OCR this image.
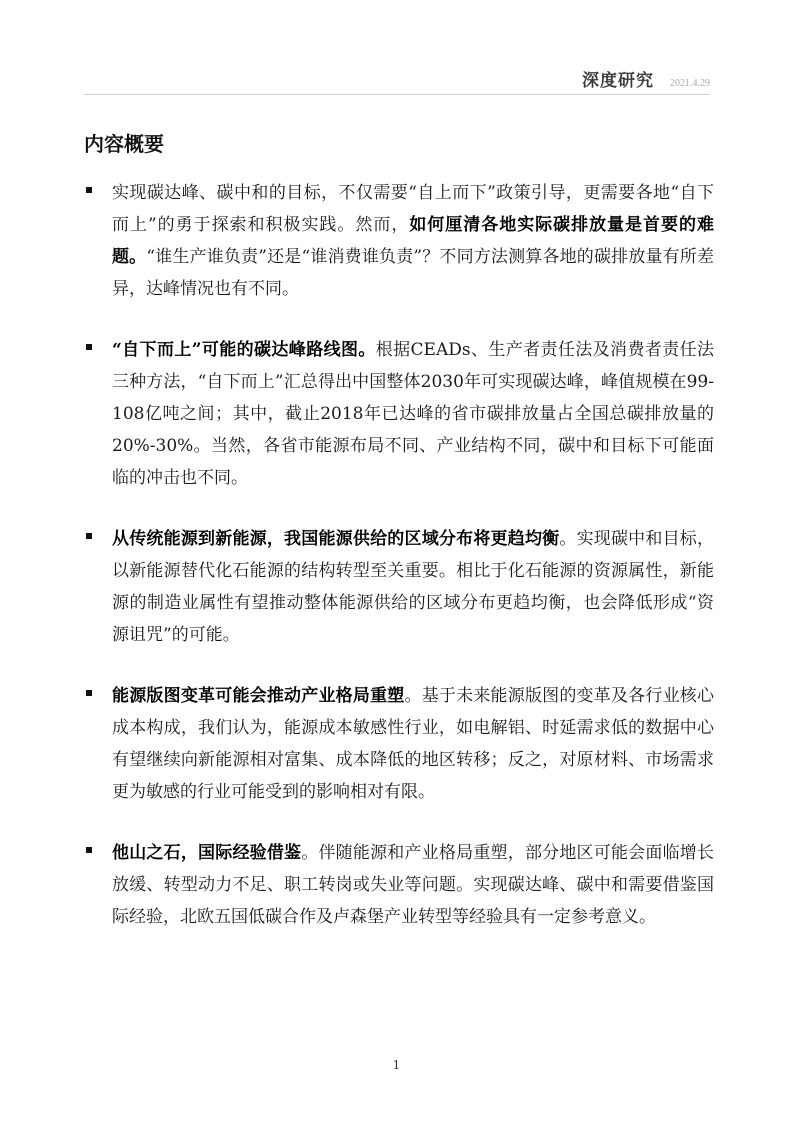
深度研究 2021.4.29
内容概要
实现碳达峰、碳中和的目标，不仅需要“自上而下”政策引导，更需要各地“自下而上”的勇于探索和积极实践。然而，如何厘清各地实际碳排放量是首要的难题。“谁生产谁负责”还是“谁消费谁负责”？不同方法测算各地的碳排放量有所差异，达峰情况也有不同。
“自下而上”可能的碳达峰路线图。根据CEADs、生产者责任法及消费者责任法三种方法，“自下而上”汇总得出中国整体2030年可实现碳达峰，峰值规模在99-108亿吨之间；其中，截止2018年已达峰的省市碳排放量占全国总碳排放量的20%-30%。当然，各省市能源布局不同、产业结构不同，碳中和目标下可能面临的冲击也不同。
从传统能源到新能源，我国能源供给的区域分布将更趋均衡。实现碳中和目标，以新能源替代化石能源的结构转型至关重要。相比于化石能源的资源属性，新能源的制造业属性有望推动整体能源供给的区域分布更趋均衡，也会降低形成“资源诅咒”的可能。
能源版图变革可能会推动产业格局重塑。基于未来能源版图的变革及各行业核心成本构成，我们认为，能源成本敏感性行业，如电解铝、时延需求低的数据中心有望继续向新能源相对富集、成本降低的地区转移；反之，对原材料、市场需求更为敏感的行业可能受到的影响相对有限。
他山之石，国际经验借鉴。伴随能源和产业格局重塑，部分地区可能会面临增长放缓、转型动力不足、职工转岗或失业等问题。实现碳达峰、碳中和需要借鉴国际经验，北欧五国低碳合作及卢森堡产业转型等经验具有一定参考意义。
1
